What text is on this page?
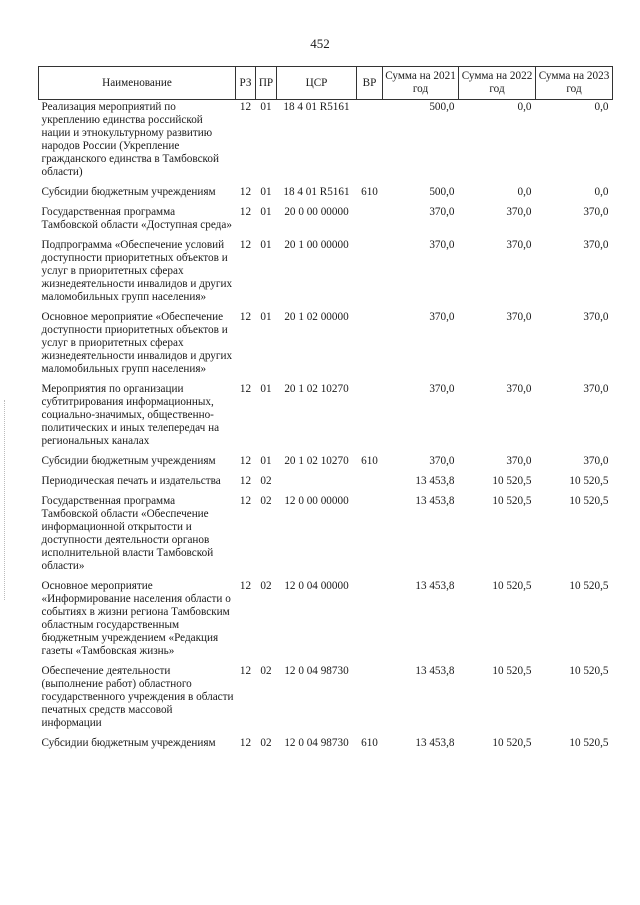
452
Наименование	РЗ	ПР	ЦСР	ВР	Сумма на 2021 год	Сумма на 2022 год	Сумма на 2023 год
Реализация мероприятий по укреплению единства российской нации и этнокультурному развитию народов России (Укрепление гражданского единства в Тамбовской области)	12	01	18 4 01 R5161		500,0	0,0	0,0
Субсидии бюджетным учреждениям	12	01	18 4 01 R5161	610	500,0	0,0	0,0
Государственная программа Тамбовской области «Доступная среда»	12	01	20 0 00 00000		370,0	370,0	370,0
Подпрограмма «Обеспечение условий доступности приоритетных объектов и услуг в приоритетных сферах жизнедеятельности инвалидов и других маломобильных групп населения»	12	01	20 1 00 00000		370,0	370,0	370,0
Основное мероприятие «Обеспечение доступности приоритетных объектов и услуг в приоритетных сферах жизнедеятельности инвалидов и других маломобильных групп населения»	12	01	20 1 02 00000		370,0	370,0	370,0
Мероприятия по организации субтитрирования информационных, социально-значимых, общественно-политических и иных телепередач на региональных каналах	12	01	20 1 02 10270		370,0	370,0	370,0
Субсидии бюджетным учреждениям	12	01	20 1 02 10270	610	370,0	370,0	370,0
Периодическая печать и издательства	12	02			13 453,8	10 520,5	10 520,5
Государственная программа Тамбовской области «Обеспечение информационной открытости и доступности деятельности органов исполнительной власти Тамбовской области»	12	02	12 0 00 00000		13 453,8	10 520,5	10 520,5
Основное мероприятие «Информирование населения области о событиях в жизни региона Тамбовским областным государственным бюджетным учреждением «Редакция газеты «Тамбовская жизнь»	12	02	12 0 04 00000		13 453,8	10 520,5	10 520,5
Обеспечение деятельности (выполнение работ) областного государственного учреждения в области печатных средств массовой информации	12	02	12 0 04 98730		13 453,8	10 520,5	10 520,5
Субсидии бюджетным учреждениям	12	02	12 0 04 98730	610	13 453,8	10 520,5	10 520,5
